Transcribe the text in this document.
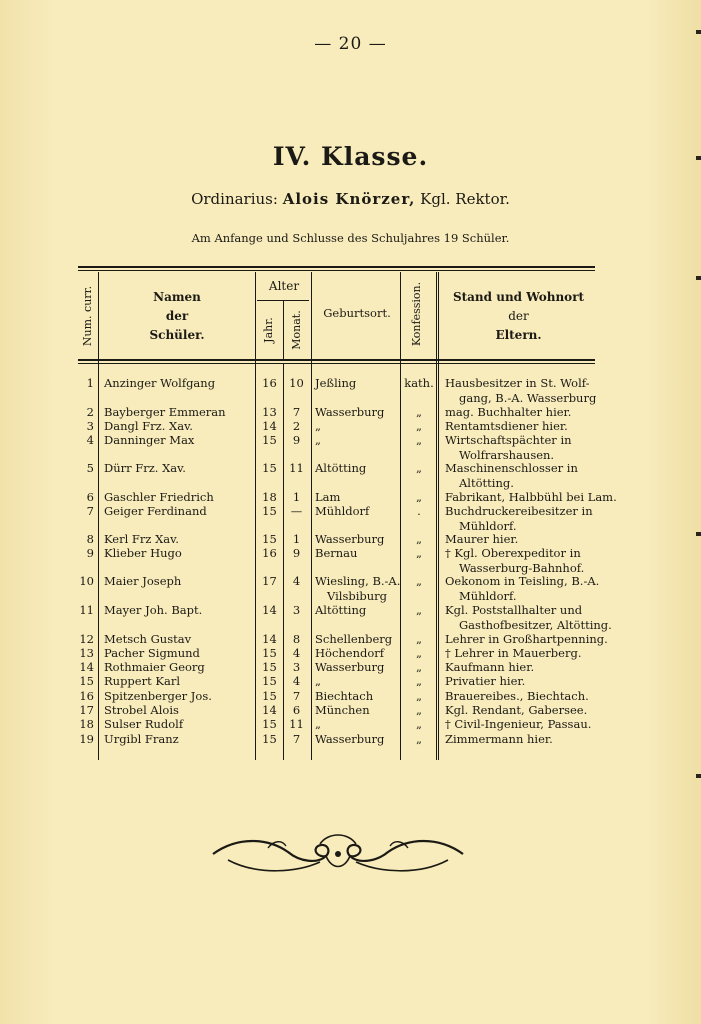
— 20 —
IV. Klasse.
Ordinarius: Alois Knörzer, Kgl. Rektor.
Am Anfange und Schlusse des Schuljahres 19 Schüler.
Num. curr.	Namen
der
Schüler.
Alter
Jahr. Monat.	Geburtsort.	Konfession.	Stand und Wohnort
der
Eltern.
1 Anzinger Wolfgang	16	10 Jeßling	kath. Hausbesitzer in St. Wolf-
gang, B.-A. Wasserburg
2 Bayberger Emmeran	13	7	Wasserburg	„	mag. Buchhalter hier.
3 Dangl Frz. Xav.	14	2	„	„	Rentamtsdiener hier.
4 Danninger Max	15	9	„	„	Wirtschaftspächter in
Wolfrarshausen.
5 Dürr Frz. Xav.	15	11 Altötting	„	Maschinenschlosser in
Altötting.
6 Gaschler Friedrich	18	1	Lam	„	Fabrikant, Halbbühl bei Lam.
7 Geiger Ferdinand	15	—	Mühldorf	.	Buchdruckereibesitzer in
Mühldorf.
8 Kerl Frz Xav.	15	1	Wasserburg	„	Maurer hier.
9 Klieber Hugo	16	9	Bernau	„	† Kgl. Oberexpeditor in
Wasserburg-Bahnhof.
10 Maier Joseph	17	4	Wiesling, B.-A.
Vilsbiburg
„	Oekonom in Teisling, B.-A.
Mühldorf.
11 Mayer Joh. Bapt.	14	3	Altötting	„	Kgl. Poststallhalter und
Gasthofbesitzer, Altötting.
12 Metsch Gustav	14	8	Schellenberg	„	Lehrer in Großhartpenning.
13 Pacher Sigmund	15	4	Höchendorf	„	† Lehrer in Mauerberg.
14 Rothmaier Georg	15	3	Wasserburg	„	Kaufmann hier.
15 Ruppert Karl	15	4	„	„	Privatier hier.
16 Spitzenberger Jos.	15	7	Biechtach	„	Brauereibes., Biechtach.
17 Strobel Alois	14	6	München	„	Kgl. Rendant, Gabersee.
18 Sulser Rudolf	15	11 „	„	† Civil-Ingenieur, Passau.
19 Urgibl Franz	15	7	Wasserburg	„	Zimmermann hier.
